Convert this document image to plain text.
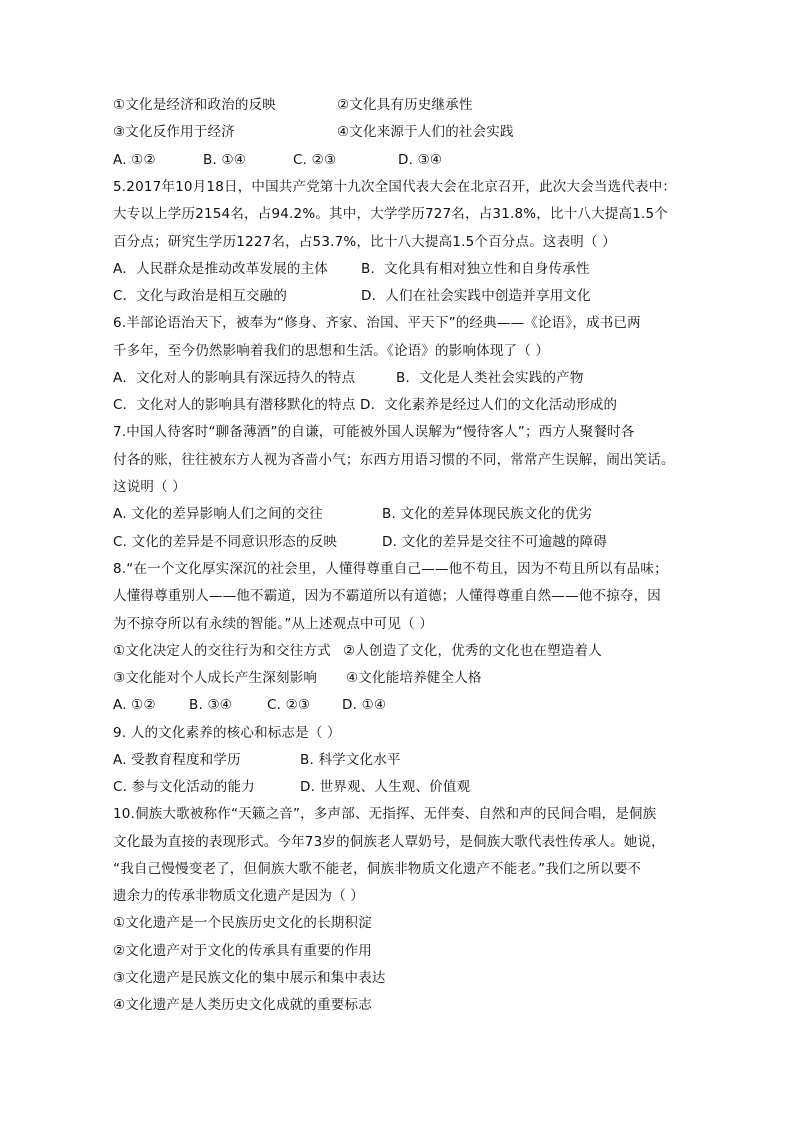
①文化是经济和政治的反映	②文化具有历史继承性
③文化反作用于经济	④文化来源于人们的社会实践
A. ①②	B. ①④	C. ②③	D. ③④
5.2017年10月18日，中国共产党第十九次全国代表大会在北京召开，此次大会当选代表中：
大专以上学历2154名，占94.2%。其中，大学学历727名，占31.8%，比十八大提高1.5个
百分点；研究生学历1227名，占53.7%，比十八大提高1.5个百分点。这表明（ ）
A．人民群众是推动改革发展的主体 B．文化具有相对独立性和自身传承性
C．文化与政治是相互交融的	D．人们在社会实践中创造并享用文化
6.半部论语治天下，被奉为“修身、齐家、治国、平天下”的经典——《论语》，成书已两
千多年，至今仍然影响着我们的思想和生活。《论语》的影响体现了（ ）
A．文化对人的影响具有深远持久的特点	B．文化是人类社会实践的产物
C．文化对人的影响具有潜移默化的特点 D．文化素养是经过人们的文化活动形成的
7.中国人待客时“聊备薄酒”的自谦，可能被外国人误解为“慢待客人”；西方人聚餐时各
付各的账，往往被东方人视为吝啬小气；东西方用语习惯的不同，常常产生误解，闹出笑话。
这说明（ ）
A. 文化的差异影响人们之间的交往	B. 文化的差异体现民族文化的优劣
C. 文化的差异是不同意识形态的反映	D. 文化的差异是交往不可逾越的障碍
8.“在一个文化厚实深沉的社会里，人懂得尊重自己——他不苟且，因为不苟且所以有品味；
人懂得尊重别人——他不霸道，因为不霸道所以有道德；人懂得尊重自然——他不掠夺，因
为不掠夺所以有永续的智能。”从上述观点中可见（ ）
①文化决定人的交往行为和交往方式 ②人创造了文化，优秀的文化也在塑造着人
③文化能对个人成长产生深刻影响 ④文化能培养健全人格
A. ①② B. ③④	C. ②③ D. ①④
9. 人的文化素养的核心和标志是（ ）
A. 受教育程度和学历	B. 科学文化水平
C. 参与文化活动的能力	D. 世界观、人生观、价值观
10.侗族大歌被称作“天籁之音”，多声部、无指挥、无伴奏、自然和声的民间合唱，是侗族
文化最为直接的表现形式。今年73岁的侗族老人覃奶号，是侗族大歌代表性传承人。她说，
“我自己慢慢变老了，但侗族大歌不能老，侗族非物质文化遗产不能老。”我们之所以要不
遗余力的传承非物质文化遗产是因为（ ）
①文化遗产是一个民族历史文化的长期积淀
②文化遗产对于文化的传承具有重要的作用
③文化遗产是民族文化的集中展示和集中表达
④文化遗产是人类历史文化成就的重要标志
